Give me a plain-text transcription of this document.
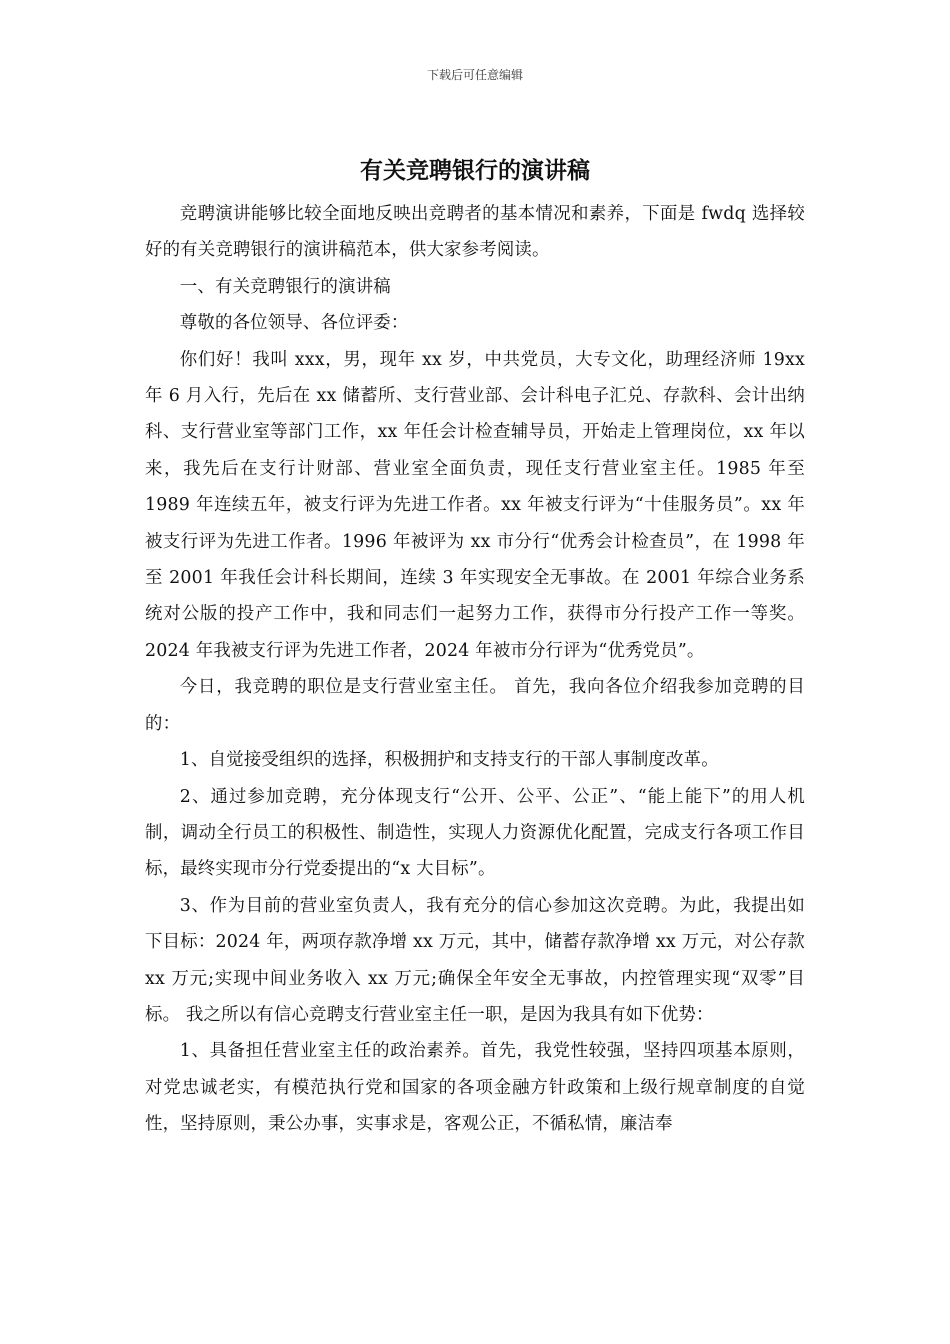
下载后可任意编辑
有关竞聘银行的演讲稿

竞聘演讲能够比较全面地反映出竞聘者的基本情况和素养，下面是 fwdq 选择较好的有关竞聘银行的演讲稿范本，供大家参考阅读。

一、有关竞聘银行的演讲稿

尊敬的各位领导、各位评委：

你们好！我叫 xxx，男，现年 xx 岁，中共党员，大专文化，助理经济师 19xx 年 6 月入行，先后在 xx 储蓄所、支行营业部、会计科电子汇兑、存款科、会计出纳科、支行营业室等部门工作，xx 年任会计检查辅导员，开始走上管理岗位，xx 年以来，我先后在支行计财部、营业室全面负责，现任支行营业室主任。1985 年至 1989 年连续五年，被支行评为先进工作者。xx 年被支行评为“十佳服务员”。xx 年被支行评为先进工作者。1996 年被评为 xx 市分行“优秀会计检查员”，在 1998 年至 2001 年我任会计科长期间，连续 3 年实现安全无事故。在 2001 年综合业务系统对公版的投产工作中，我和同志们一起努力工作，获得市分行投产工作一等奖。2024 年我被支行评为先进工作者，2024 年被市分行评为“优秀党员”。

今日，我竞聘的职位是支行营业室主任。 首先，我向各位介绍我参加竞聘的目的：

1、自觉接受组织的选择，积极拥护和支持支行的干部人事制度改革。

2、通过参加竞聘，充分体现支行“公开、公平、公正”、“能上能下”的用人机制，调动全行员工的积极性、制造性，实现人力资源优化配置，完成支行各项工作目标，最终实现市分行党委提出的“x 大目标”。

3、作为目前的营业室负责人，我有充分的信心参加这次竞聘。为此，我提出如下目标：2024 年，两项存款净增 xx 万元，其中，储蓄存款净增 xx 万元，对公存款 xx 万元;实现中间业务收入 xx 万元;确保全年安全无事故，内控管理实现“双零”目标。 我之所以有信心竞聘支行营业室主任一职，是因为我具有如下优势：

1、具备担任营业室主任的政治素养。首先，我党性较强，坚持四项基本原则，对党忠诚老实，有模范执行党和国家的各项金融方针政策和上级行规章制度的自觉性，坚持原则，秉公办事，实事求是，客观公正，不循私情，廉洁奉
